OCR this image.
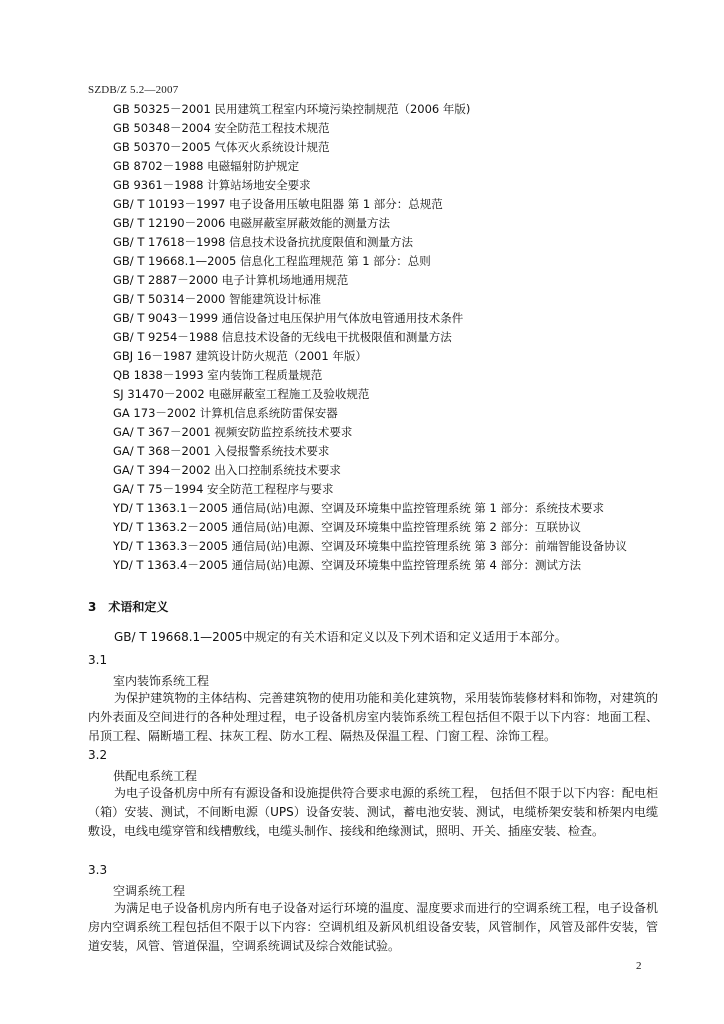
SZDB/Z 5.2—2007
GB 50325－2001 民用建筑工程室内环境污染控制规范（2006 年版)
GB 50348－2004 安全防范工程技术规范
GB 50370－2005 气体灭火系统设计规范
GB 8702－1988 电磁辐射防护规定
GB 9361－1988 计算站场地安全要求
GB/ T 10193－1997 电子设备用压敏电阻器 第 1 部分：总规范
GB/ T 12190－2006 电磁屏蔽室屏蔽效能的测量方法
GB/ T 17618－1998 信息技术设备抗扰度限值和测量方法
GB/ T 19668.1—2005 信息化工程监理规范 第 1 部分：总则
GB/ T 2887－2000 电子计算机场地通用规范
GB/ T 50314－2000 智能建筑设计标准
GB/ T 9043－1999 通信设备过电压保护用气体放电管通用技术条件
GB/ T 9254－1988 信息技术设备的无线电干扰极限值和测量方法
GBJ 16－1987 建筑设计防火规范（2001 年版）
QB 1838－1993 室内装饰工程质量规范
SJ 31470－2002 电磁屏蔽室工程施工及验收规范
GA 173－2002 计算机信息系统防雷保安器
GA/ T 367－2001 视频安防监控系统技术要求
GA/ T 368－2001 入侵报警系统技术要求
GA/ T 394－2002 出入口控制系统技术要求
GA/ T 75－1994 安全防范工程程序与要求
YD/ T 1363.1－2005 通信局(站)电源、空调及环境集中监控管理系统 第 1 部分：系统技术要求
YD/ T 1363.2－2005 通信局(站)电源、空调及环境集中监控管理系统 第 2 部分：互联协议
YD/ T 1363.3－2005 通信局(站)电源、空调及环境集中监控管理系统 第 3 部分：前端智能设备协议
YD/ T 1363.4－2005 通信局(站)电源、空调及环境集中监控管理系统 第 4 部分：测试方法
3 术语和定义
GB/ T 19668.1—2005中规定的有关术语和定义以及下列术语和定义适用于本部分。
3.1
室内装饰系统工程
为保护建筑物的主体结构、完善建筑物的使用功能和美化建筑物，采用装饰装修材料和饰物，对建筑的内外表面及空间进行的各种处理过程，电子设备机房室内装饰系统工程包括但不限于以下内容：地面工程、吊顶工程、隔断墙工程、抹灰工程、防水工程、隔热及保温工程、门窗工程、涂饰工程。
3.2
供配电系统工程
为电子设备机房中所有有源设备和设施提供符合要求电源的系统工程， 包括但不限于以下内容：配电柜（箱）安装、测试，不间断电源（UPS）设备安装、测试，蓄电池安装、测试，电缆桥架安装和桥架内电缆敷设，电线电缆穿管和线槽敷线，电缆头制作、接线和绝缘测试，照明、开关、插座安装、检查。
3.3
空调系统工程
为满足电子设备机房内所有电子设备对运行环境的温度、湿度要求而进行的空调系统工程，电子设备机房内空调系统工程包括但不限于以下内容：空调机组及新风机组设备安装，风管制作，风管及部件安装，管道安装，风管、管道保温，空调系统调试及综合效能试验。
2
